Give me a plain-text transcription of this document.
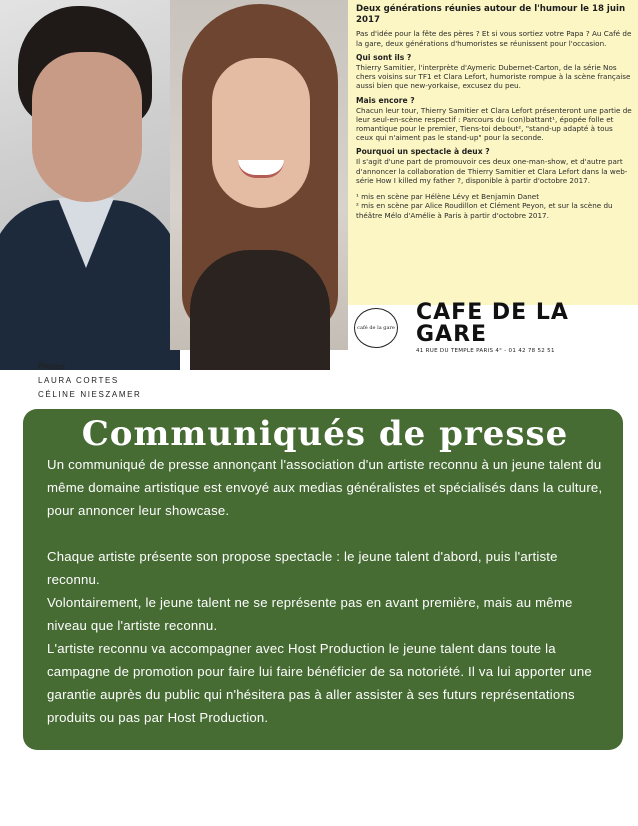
Deux générations réunies autour de l'humour le 18 juin 2017
Pas d'idée pour la fête des pères ? Et si vous sortiez votre Papa ? Au Café de la gare, deux générations d'humoristes se réunissent pour l'occasion.
Qui sont ils ?
Thierry Samitier, l'interprète d'Aymeric Dubernet-Carton, de la série Nos chers voisins sur TF1 et Clara Lefort, humoriste rompue à la scène française aussi bien que new-yorkaise, excusez du peu.
Mais encore ?
Chacun leur tour, Thierry Samitier et Clara Lefort présenteront une partie de leur seul-en-scène respectif : Parcours du (con)battant¹, épopée folle et romantique pour le premier, Tiens-toi debout², "stand-up adapté à tous ceux qui n'aiment pas le stand-up" pour la seconde.
Pourquoi un spectacle à deux ?
Il s'agit d'une part de promouvoir ces deux one-man-show, et d'autre part d'annoncer la collaboration de Thierry Samitier et Clara Lefort dans la web-série How I killed my father ?, disponible à partir d'octobre 2017.
¹ mis en scène par Hélène Lévy et Benjamin Danet
² mis en scène par Alice Roudillon et Clément Peyon, et sur la scène du théâtre Mélo d'Amélie à Paris à partir d'octobre 2017.
café de la gare
CAFE DE LA GARE
41 RUE DU TEMPLE PARIS 4° - 01 42 78 52 51
Photos
LAURA CORTES
CÉLINE NIESZAMER
Communiqués de presse
Un communiqué de presse annonçant l'association d'un artiste reconnu à un jeune talent du même domaine artistique est envoyé aux medias généralistes et spécialisés dans la culture, pour annoncer leur showcase.
Chaque artiste présente son propose spectacle : le jeune talent d'abord, puis l'artiste reconnu.
Volontairement, le jeune talent ne se représente pas en avant première, mais au même niveau que l'artiste reconnu.
L'artiste reconnu va accompagner avec Host Production le jeune talent dans toute la campagne de promotion pour faire lui faire bénéficier de sa notoriété. Il va lui apporter une garantie auprès du public qui n'hésitera pas à aller assister à ses futurs représentations produits ou pas par Host Production.
